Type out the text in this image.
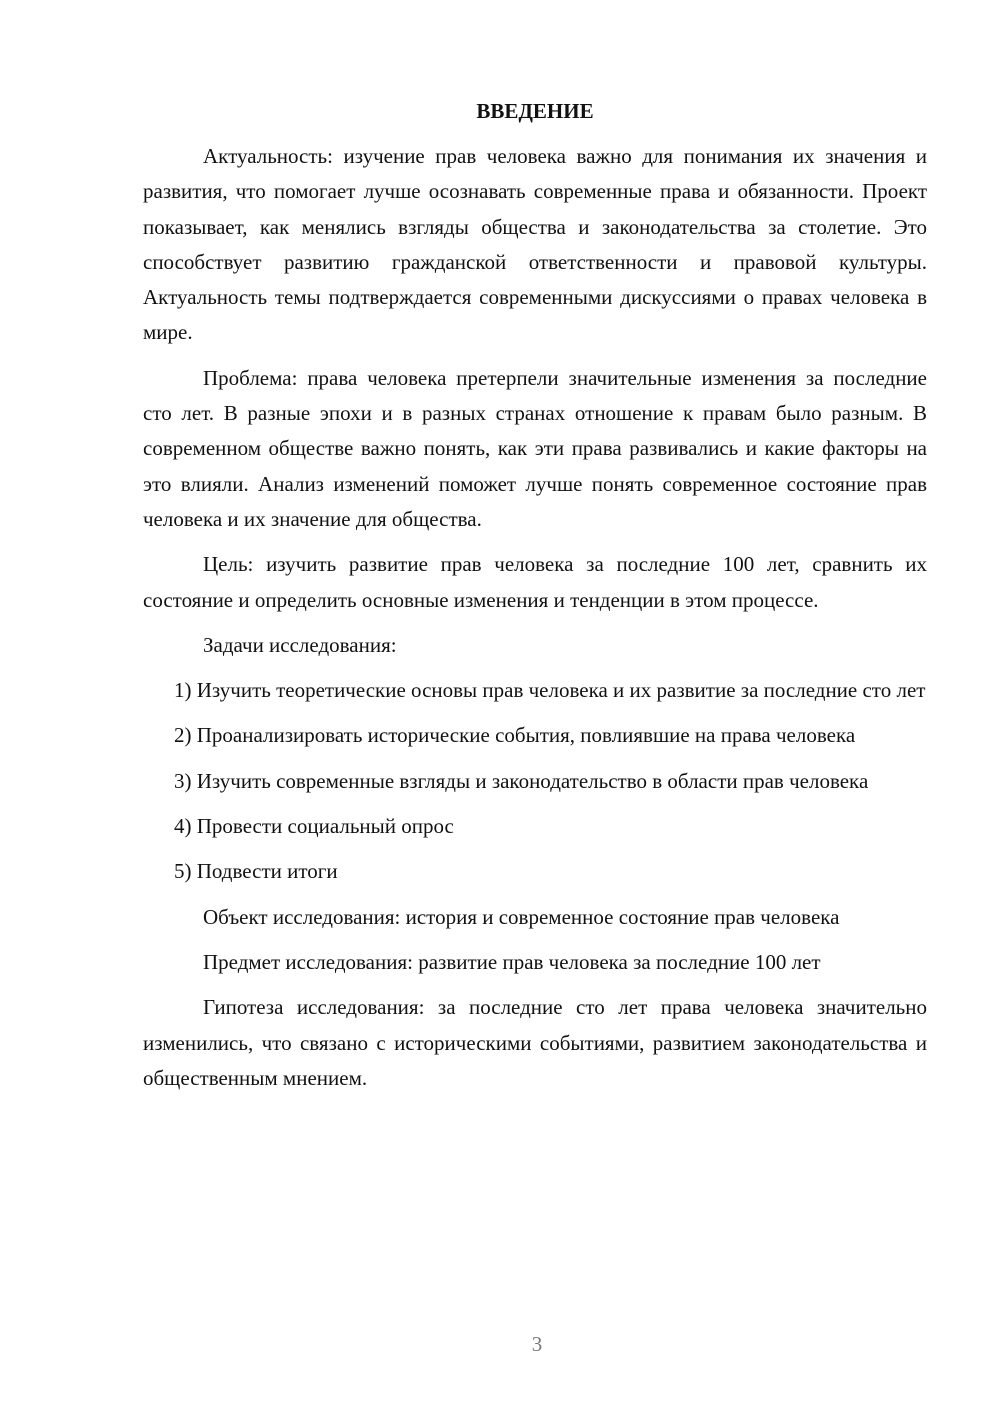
ВВЕДЕНИЕ

Актуальность: изучение прав человека важно для понимания их значения и развития, что помогает лучше осознавать современные права и обязанности. Проект показывает, как менялись взгляды общества и законодательства за столетие. Это способствует развитию гражданской ответственности и правовой культуры. Актуальность темы подтверждается современными дискуссиями о правах человека в мире.

Проблема: права человека претерпели значительные изменения за последние сто лет. В разные эпохи и в разных странах отношение к правам было разным. В современном обществе важно понять, как эти права развивались и какие факторы на это влияли. Анализ изменений поможет лучше понять современное состояние прав человека и их значение для общества.

Цель: изучить развитие прав человека за последние 100 лет, сравнить их состояние и определить основные изменения и тенденции в этом процессе.

Задачи исследования:

1) Изучить теоретические основы прав человека и их развитие за последние сто лет

2) Проанализировать исторические события, повлиявшие на права человека

3) Изучить современные взгляды и законодательство в области прав человека

4) Провести социальный опрос

5) Подвести итоги

Объект исследования: история и современное состояние прав человека

Предмет исследования: развитие прав человека за последние 100 лет

Гипотеза исследования: за последние сто лет права человека значительно изменились, что связано с историческими событиями, развитием законодательства и общественным мнением.

3
